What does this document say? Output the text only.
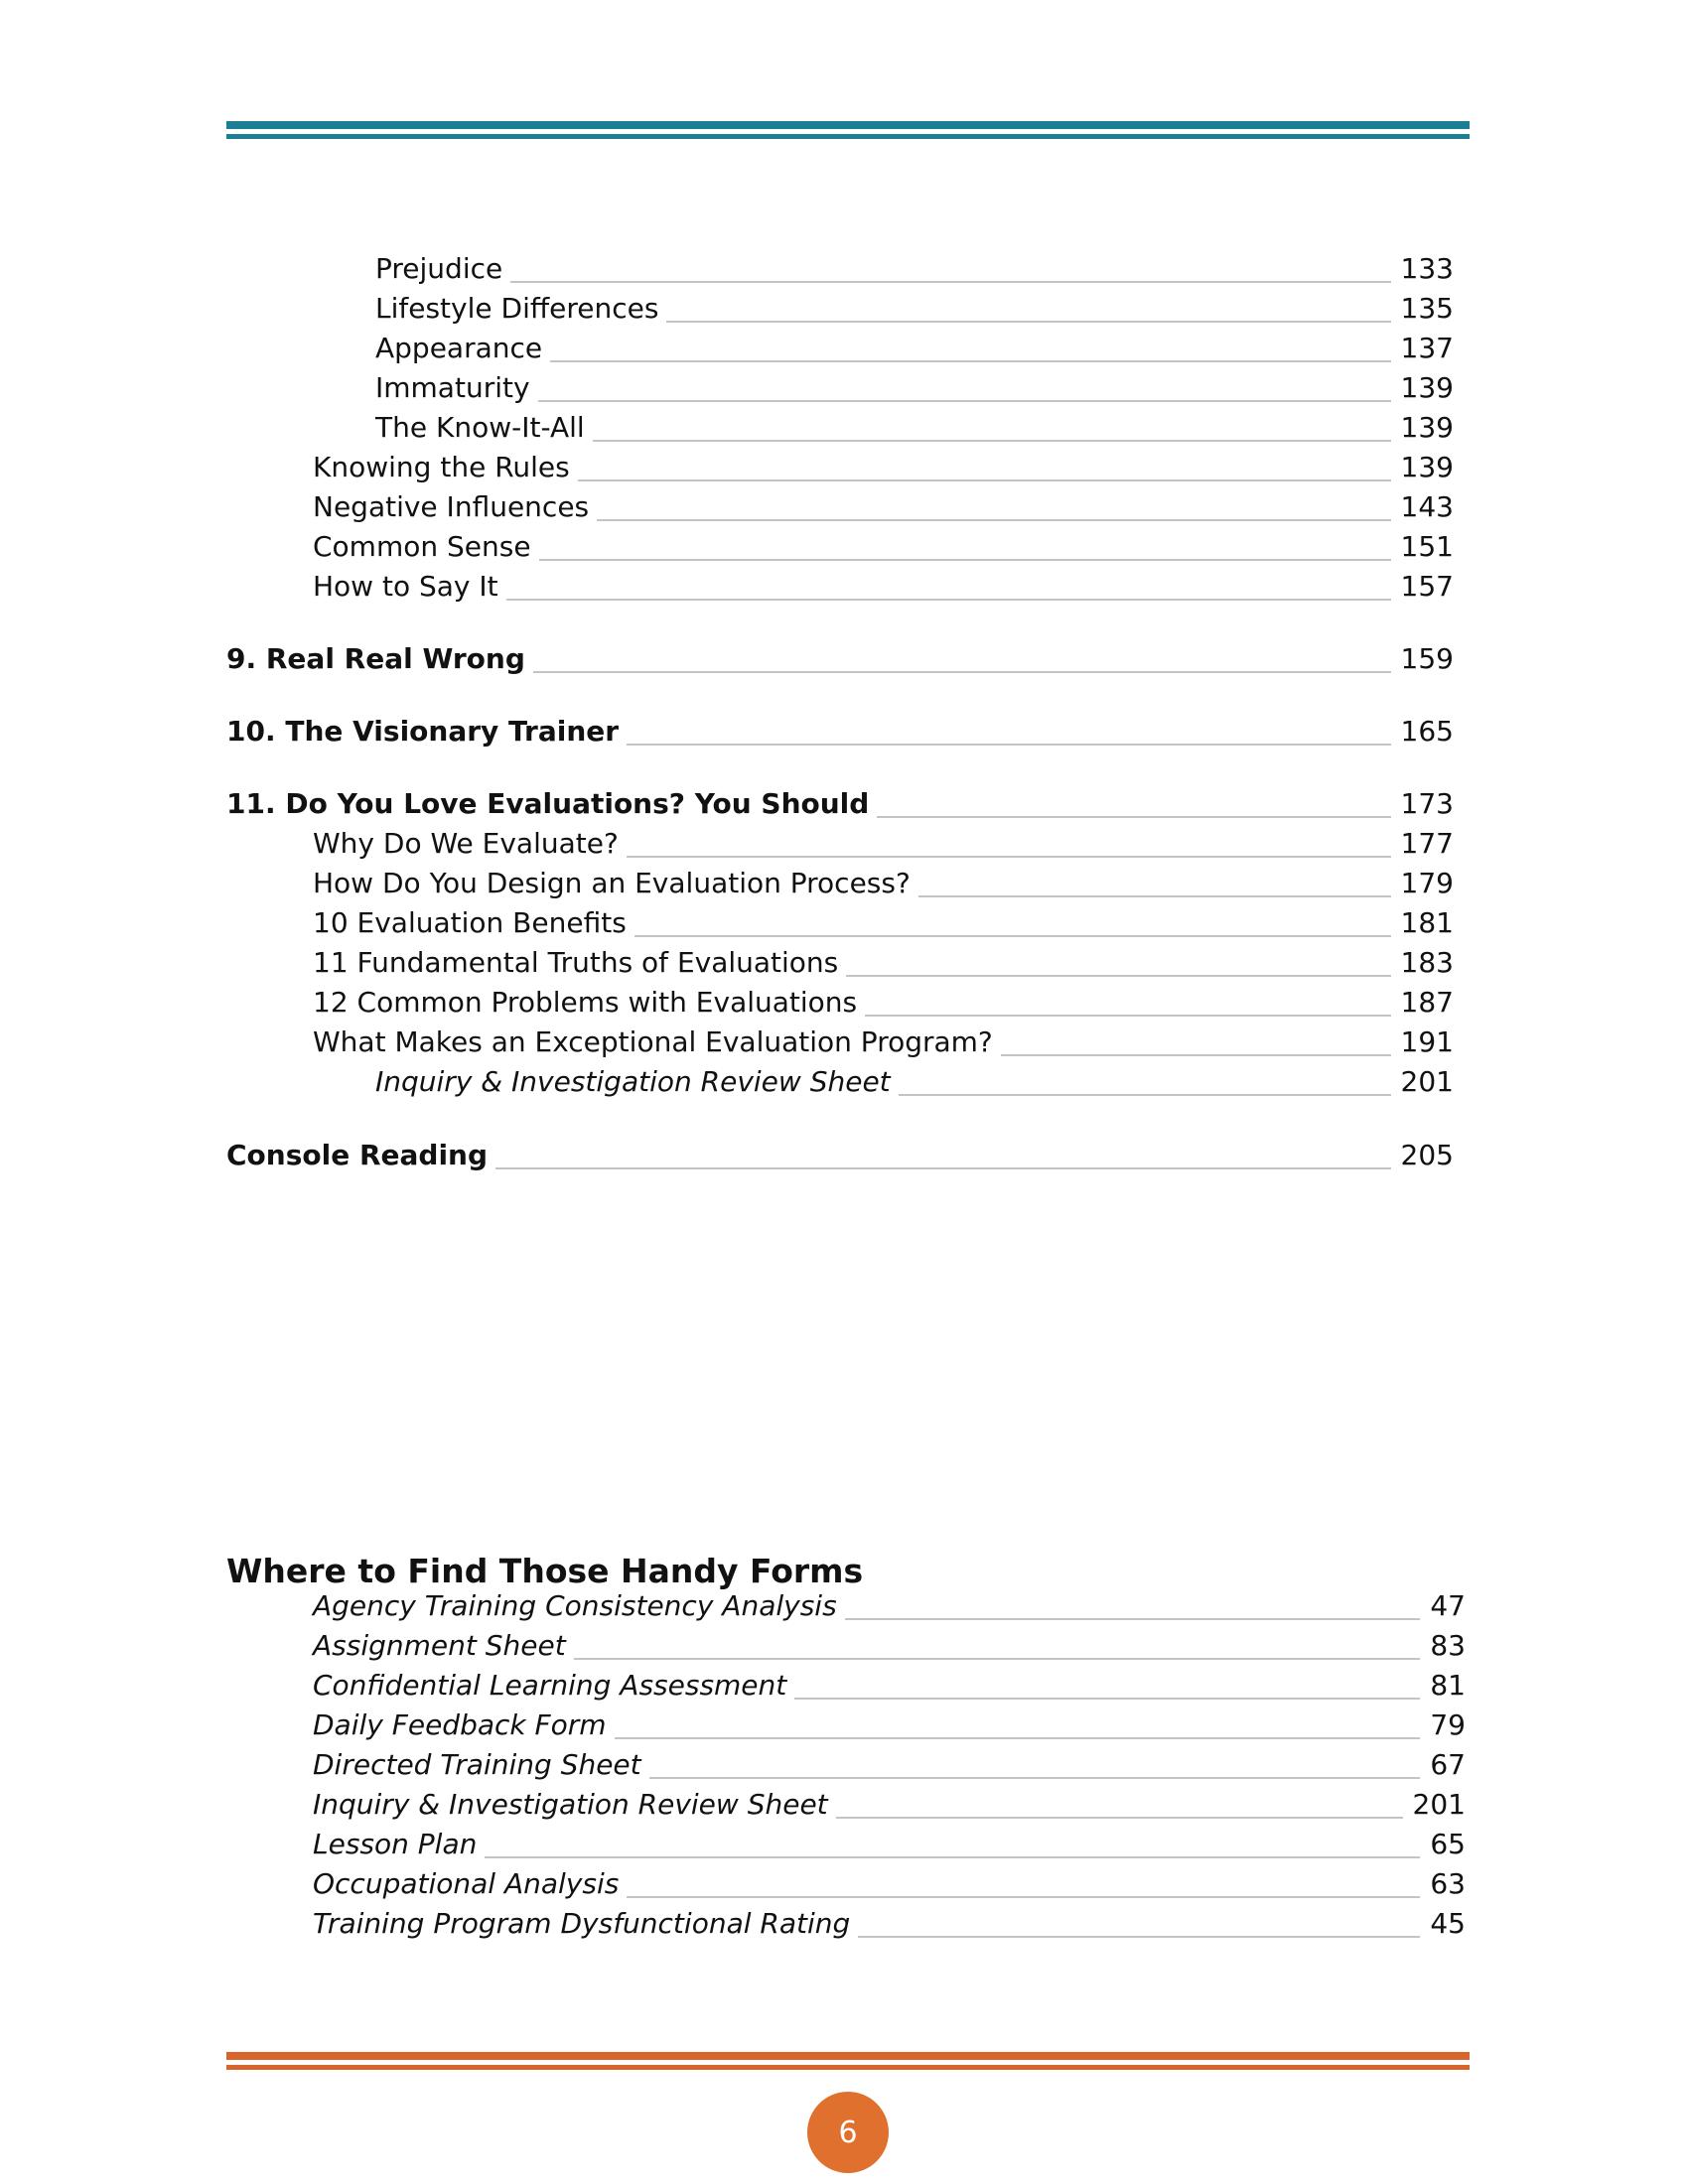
Prejudice	133
Lifestyle Differences	135
Appearance	137
Immaturity	139
The Know-It-All	139
Knowing the Rules	139
Negative Influences	143
Common Sense	151
How to Say It	157
9. Real Real Wrong	159
10. The Visionary Trainer	165
11. Do You Love Evaluations? You Should	173
Why Do We Evaluate?	177
How Do You Design an Evaluation Process?	179
10 Evaluation Benefits	181
11 Fundamental Truths of Evaluations	183
12 Common Problems with Evaluations	187
What Makes an Exceptional Evaluation Program?	191
Inquiry & Investigation Review Sheet	201
Console Reading	205
Where to Find Those Handy Forms
Agency Training Consistency Analysis	47
Assignment Sheet	83
Confidential Learning Assessment	81
Daily Feedback Form	79
Directed Training Sheet	67
Inquiry & Investigation Review Sheet	201
Lesson Plan	65
Occupational Analysis	63
Training Program Dysfunctional Rating	45
6
